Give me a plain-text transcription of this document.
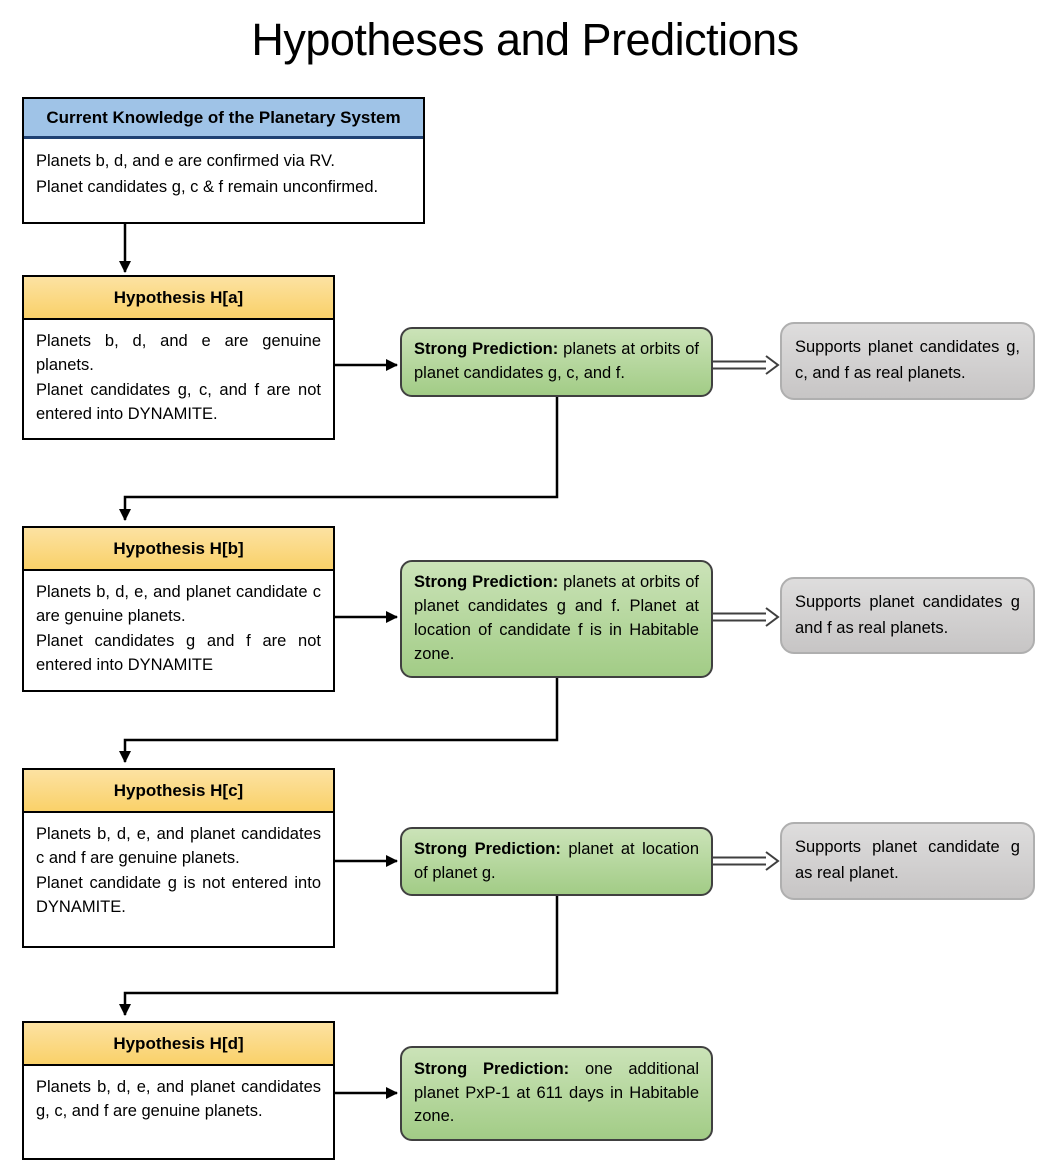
Hypotheses and Predictions
Current Knowledge of the Planetary System

Planets b, d, and e are confirmed via RV.

Planet candidates g, c & f remain unconfirmed.

Hypothesis H[a]

Planets b, d, and e are genuine planets.

Planet candidates g, c, and f are not entered into DYNAMITE.

Strong Prediction: planets at orbits of planet candidates g, c, and f.

Supports planet candidates g, c, and f as real planets.

Hypothesis H[b]

Planets b, d, e, and planet candidate c are genuine planets.

Planet candidates g and f are not entered into DYNAMITE

Strong Prediction: planets at orbits of planet candidates g and f. Planet at location of candidate f is in Habitable zone.

Supports planet candidates g and f as real planets.

Hypothesis H[c]

Planets b, d, e, and planet candidates c and f are genuine planets.

Planet candidate g is not entered into DYNAMITE.

Strong Prediction: planet at location of planet g.

Supports planet candidate g as real planet.

Hypothesis H[d]

Planets b, d, e, and planet candidates g, c, and f are genuine planets.

Strong Prediction: one additional planet PxP-1 at 611 days in Habitable zone.
